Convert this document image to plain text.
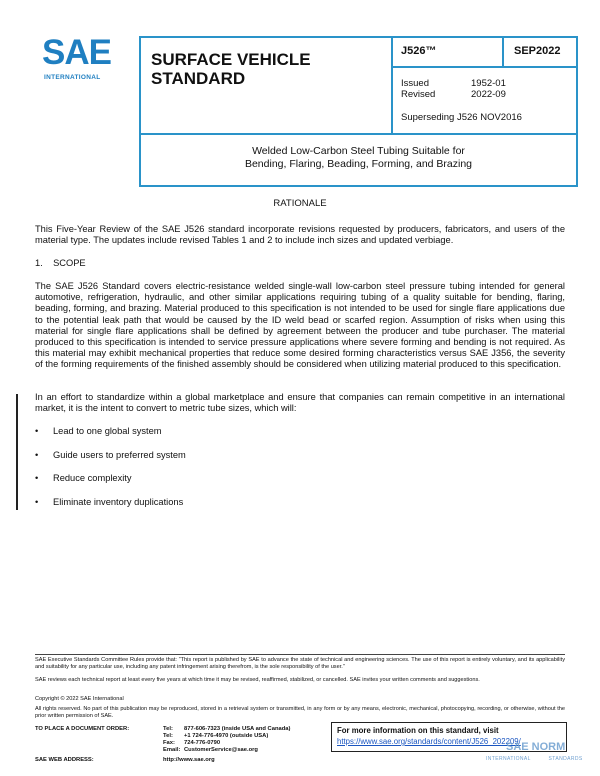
SAE
INTERNATIONAL
SURFACE VEHICLE
STANDARD
J526™	SEP2022
Issued	1952-01
Revised	2022-09
Superseding J526 NOV2016
Welded Low-Carbon Steel Tubing Suitable for
Bending, Flaring, Beading, Forming, and Brazing
RATIONALE
This Five-Year Review of the SAE J526 standard incorporate revisions requested by producers, fabricators, and users of the material type. The updates include revised Tables 1 and 2 to include inch sizes and updated verbiage.
1.    SCOPE
The SAE J526 Standard covers electric-resistance welded single-wall low-carbon steel pressure tubing intended for general automotive, refrigeration, hydraulic, and other similar applications requiring tubing of a quality suitable for bending, flaring, beading, forming, and brazing. Material produced to this specification is not intended to be used for single flare applications due to the potential leak path that would be caused by the ID weld bead or scarfed region. Assumption of risks when using this material for single flare applications shall be defined by agreement between the producer and tube purchaser. The material produced to this specification is intended to service pressure applications where severe forming and bending is not required. As this material may exhibit mechanical properties that reduce some desired forming characteristics versus SAE J356, the severity of the forming requirements of the finished assembly should be considered when utilizing material produced to this specification.
In an effort to standardize within a global marketplace and ensure that companies can remain competitive in an international market, it is the intent to convert to metric tube sizes, which will:
• Lead to one global system
• Guide users to preferred system
• Reduce complexity
• Eliminate inventory duplications
SAE Executive Standards Committee Rules provide that: “This report is published by SAE to advance the state of technical and engineering sciences. The use of this report is entirely voluntary, and its applicability and suitability for any particular use, including any patent infringement arising therefrom, is the sole responsibility of the user.”
SAE reviews each technical report at least every five years at which time it may be revised, reaffirmed, stabilized, or cancelled. SAE invites your written comments and suggestions.
Copyright © 2022 SAE International
All rights reserved. No part of this publication may be reproduced, stored in a retrieval system or transmitted, in any form or by any means, electronic, mechanical, photocopying, recording, or otherwise, without the prior written permission of SAE.
TO PLACE A DOCUMENT ORDER:	Tel: 877-606-7323 (inside USA and Canada)
Tel: +1 724-776-4970 (outside USA)
Fax: 724-776-0790
Email: CustomerService@sae.org
SAE WEB ADDRESS:	http://www.sae.org
For more information on this standard, visit
https://www.sae.org/standards/content/J526_202209/
SAE NORM
INTERNATIONAL          STANDARDS
